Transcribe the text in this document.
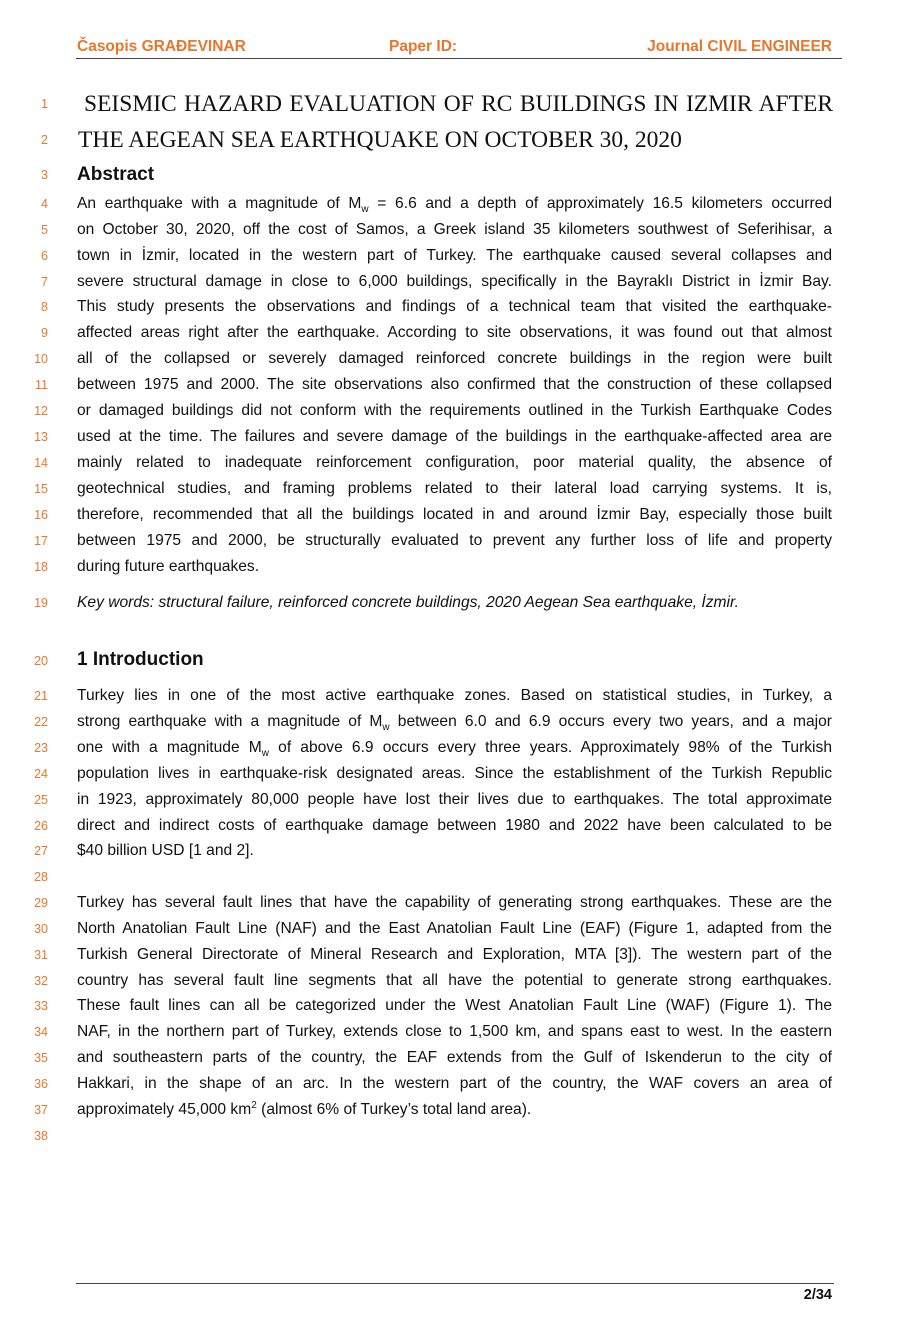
Časopis GRAĐEVINAR	Paper ID:	Journal CIVIL ENGINEER
1
2
3
4
5
6
7
8
9
10
11
12
13
14
15
16
17
18
19
20
21
22
23
24
25
26
27
28
29
30
31
32
33
34
35
36
37
38
SEISMIC HAZARD EVALUATION OF RC BUILDINGS IN IZMIR AFTER
THE AEGEAN SEA EARTHQUAKE ON OCTOBER 30, 2020
Abstract
An earthquake with a magnitude of $M_w = 6.6$ and a depth of approximately 16.5 kilometers occurred
on October 30, 2020, off the cost of Samos, a Greek island 35 kilometers southwest of Seferihisar, a
town in İzmir, located in the western part of Turkey. The earthquake caused several collapses and
severe structural damage in close to 6,000 buildings, specifically in the Bayraklı District in İzmir Bay.
This study presents the observations and findings of a technical team that visited the earthquake-
affected areas right after the earthquake. According to site observations, it was found out that almost
all of the collapsed or severely damaged reinforced concrete buildings in the region were built
between 1975 and 2000. The site observations also confirmed that the construction of these collapsed
or damaged buildings did not conform with the requirements outlined in the Turkish Earthquake Codes
used at the time. The failures and severe damage of the buildings in the earthquake-affected area are
mainly related to inadequate reinforcement configuration, poor material quality, the absence of
geotechnical studies, and framing problems related to their lateral load carrying systems. It is,
therefore, recommended that all the buildings located in and around İzmir Bay, especially those built
between 1975 and 2000, be structurally evaluated to prevent any further loss of life and property
during future earthquakes.
Key words: structural failure, reinforced concrete buildings, 2020 Aegean Sea earthquake, İzmir.
1 Introduction
Turkey lies in one of the most active earthquake zones. Based on statistical studies, in Turkey, a
strong earthquake with a magnitude of $M_w$ between 6.0 and 6.9 occurs every two years, and a major
one with a magnitude $M_w$ of above 6.9 occurs every three years. Approximately 98% of the Turkish
population lives in earthquake-risk designated areas. Since the establishment of the Turkish Republic
in 1923, approximately 80,000 people have lost their lives due to earthquakes. The total approximate
direct and indirect costs of earthquake damage between 1980 and 2022 have been calculated to be
$40 billion USD [1 and 2].
Turkey has several fault lines that have the capability of generating strong earthquakes. These are the
North Anatolian Fault Line (NAF) and the East Anatolian Fault Line (EAF) (Figure 1, adapted from the
Turkish General Directorate of Mineral Research and Exploration, MTA [3]). The western part of the
country has several fault line segments that all have the potential to generate strong earthquakes.
These fault lines can all be categorized under the West Anatolian Fault Line (WAF) (Figure 1). The
NAF, in the northern part of Turkey, extends close to 1,500 km, and spans east to west. In the eastern
and southeastern parts of the country, the EAF extends from the Gulf of Iskenderun to the city of
Hakkari, in the shape of an arc. In the western part of the country, the WAF covers an area of
approximately 45,000 $km^2$ (almost 6% of Turkey’s total land area).
2/34
